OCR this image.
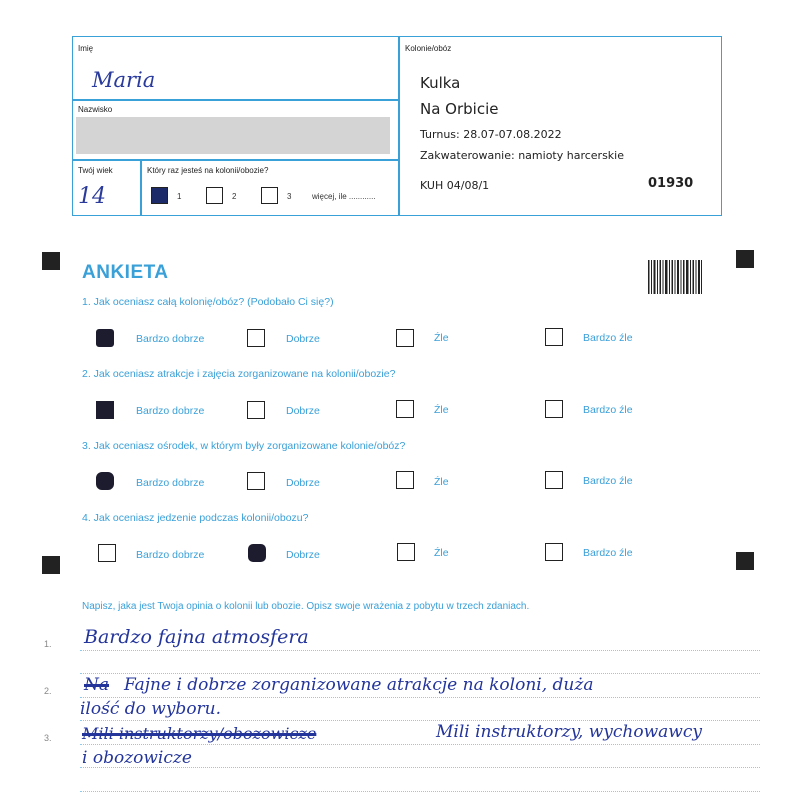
Imię
Maria
Nazwisko
Twój wiek
14
Który raz jesteś na kolonii/obozie?
1	2	3	więcej, ile ............
Kolonie/obóz
Kulka
Na Orbicie
Turnus: 28.07-07.08.2022
Zakwaterowanie: namioty harcerskie
KUH 04/08/1	01930
ANKIETA
1. Jak oceniasz całą kolonię/obóz? (Podobało Ci się?)
Bardzo dobrze	Dobrze	Źle	Bardzo źle
2. Jak oceniasz atrakcje i zajęcia zorganizowane na kolonii/obozie?
Bardzo dobrze	Dobrze	Źle	Bardzo źle
3. Jak oceniasz ośrodek, w którym były zorganizowane kolonie/obóz?
Bardzo dobrze	Dobrze	Źle	Bardzo źle
4. Jak oceniasz jedzenie podczas kolonii/obozu?
Bardzo dobrze	Dobrze	Źle	Bardzo źle
Napisz, jaka jest Twoja opinia o kolonii lub obozie. Opisz swoje wrażenia z pobytu w trzech zdaniach.
1.
2.
3.
Bardzo fajna atmosfera
Na Fajne i dobrze zorganizowane atrakcje na koloni, duża
ilość do wyboru.
Mili instruktorzy/obozowicze	Mili instruktorzy, wychowawcy
i obozowicze
